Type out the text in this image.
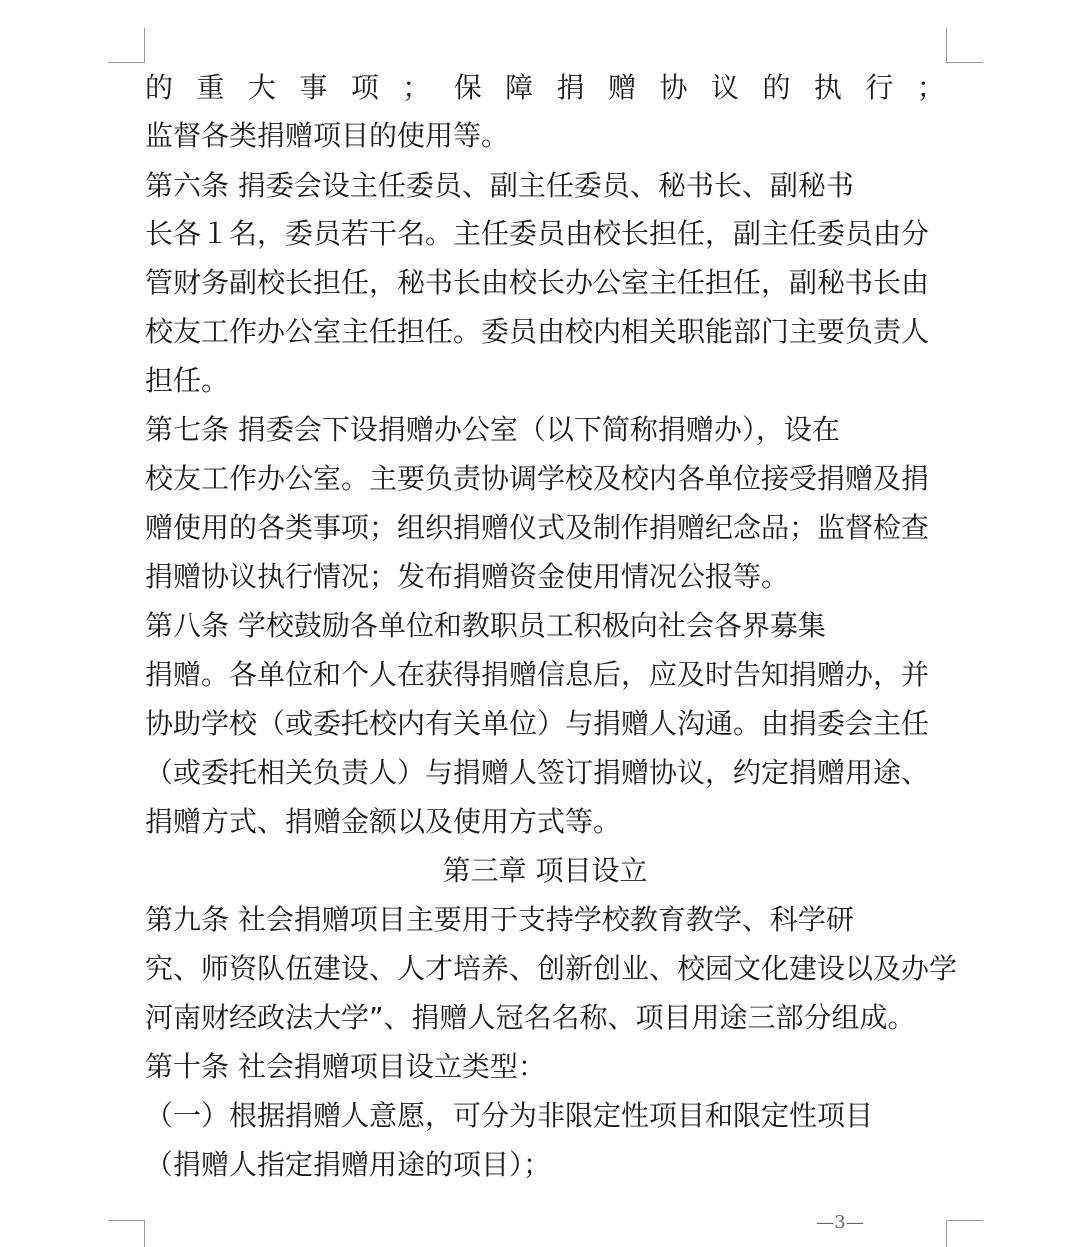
的 重 大 事 项 ； 保 障 捐 赠 协 议 的 执 行 ；
监督各类捐赠项目的使用等。
第六条 捐委会设主任委员、副主任委员、秘书长、副秘书
长各１名，委员若干名。主任委员由校长担任，副主任委员由分
管财务副校长担任，秘书长由校长办公室主任担任，副秘书长由
校友工作办公室主任担任。委员由校内相关职能部门主要负责人
担任。
第七条 捐委会下设捐赠办公室（以下简称捐赠办），设在
校友工作办公室。主要负责协调学校及校内各单位接受捐赠及捐
赠使用的各类事项；组织捐赠仪式及制作捐赠纪念品；监督检查
捐赠协议执行情况；发布捐赠资金使用情况公报等。
第八条 学校鼓励各单位和教职员工积极向社会各界募集
捐赠。各单位和个人在获得捐赠信息后，应及时告知捐赠办，并
协助学校（或委托校内有关单位）与捐赠人沟通。由捐委会主任
（或委托相关负责人）与捐赠人签订捐赠协议，约定捐赠用途、
捐赠方式、捐赠金额以及使用方式等。
第三章 项目设立
第九条 社会捐赠项目主要用于支持学校教育教学、科学研
究、师资队伍建设、人才培养、创新创业、校园文化建设以及办学
河南财经政法大学”、捐赠人冠名名称、项目用途三部分组成。
第十条 社会捐赠项目设立类型：
（一）根据捐赠人意愿，可分为非限定性项目和限定性项目
（捐赠人指定捐赠用途的项目）；
—3—
